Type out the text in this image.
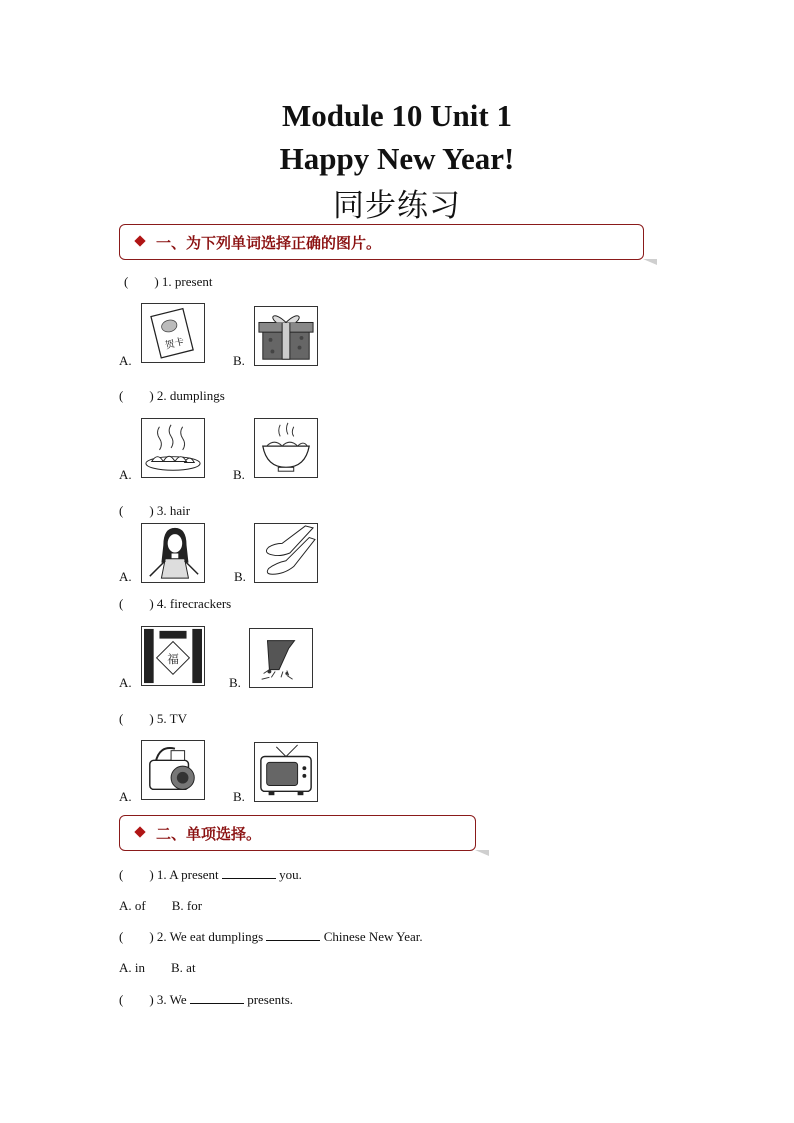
Module 10 Unit 1
Happy New Year!
同步练习
一、为下列单词选择正确的图片。
(　　) 1. present
A.
贺卡
B.
(　　) 2. dumplings
A.	B.
(　　) 3. hair
A.	B.
(　　) 4. firecrackers
A.
福
B.
(　　) 5. TV
A.	B.
二、单项选择。
(　　) 1. A present	you.
A. of　　B. for
(　　) 2. We eat dumplings	Chinese New Year.
A. in　　B. at
(　　) 3. We	presents.
